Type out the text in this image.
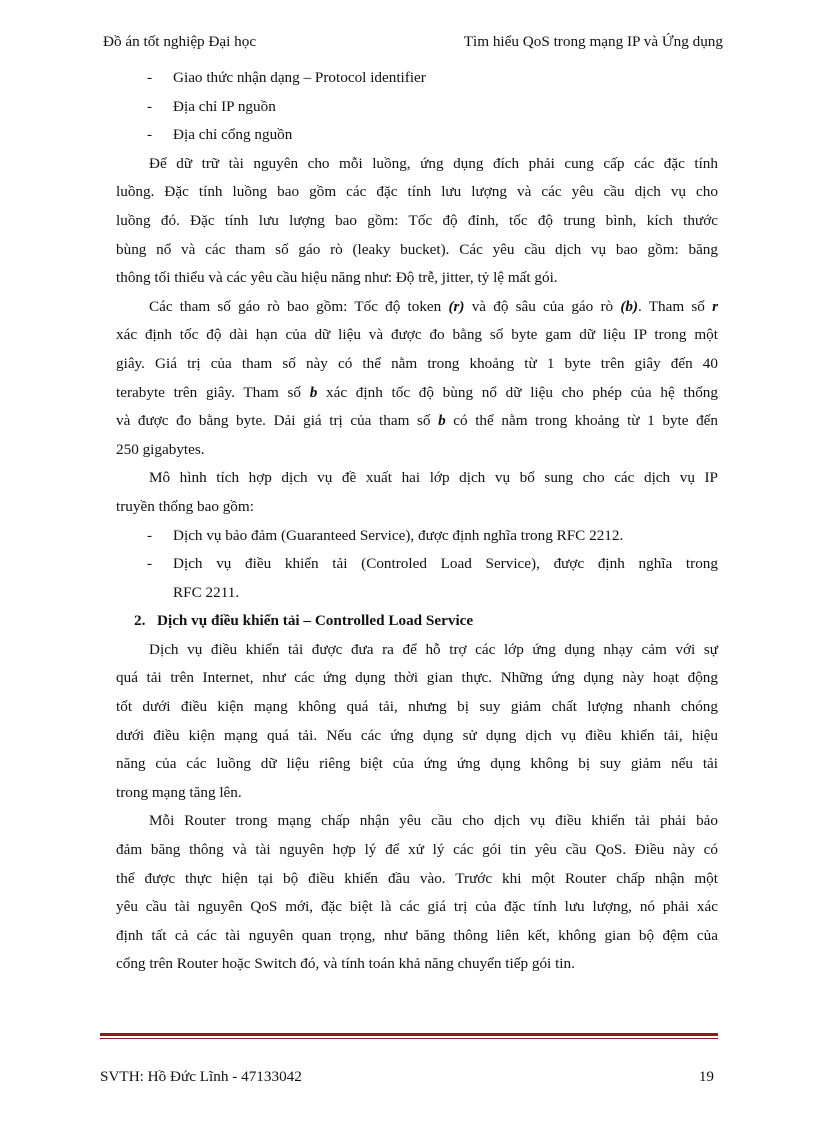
Đồ án tốt nghiệp Đại học	Tìm hiểu QoS trong mạng IP và Ứng dụng
-	Giao thức nhận dạng – Protocol identifier
-	Địa chỉ IP nguồn
-	Địa chỉ cổng nguồn
Để dữ trữ tài nguyên cho mỗi luồng, ứng dụng đích phải cung cấp các đặc tính
luồng. Đặc tính luồng bao gồm các đặc tính lưu lượng và các yêu cầu dịch vụ cho
luồng đó. Đặc tính lưu lượng bao gồm: Tốc độ đỉnh, tốc độ trung bình, kích thước
bùng nổ và các tham số gáo rò (leaky bucket). Các yêu cầu dịch vụ bao gồm: băng
thông tối thiểu và các yêu cầu hiệu năng như: Độ trễ, jitter, tỷ lệ mất gói.
Các tham số gáo rò bao gồm: Tốc độ token (r) và độ sâu của gáo rò (b). Tham số r
xác định tốc độ dài hạn của dữ liệu và được đo bằng số byte gam dữ liệu IP trong một
giây. Giá trị của tham số này có thể nằm trong khoảng từ 1 byte trên giây đến 40
terabyte trên giây. Tham số b xác định tốc độ bùng nổ dữ liệu cho phép của hệ thống
và được đo bằng byte. Dải giá trị của tham số b có thể nằm trong khoảng từ 1 byte đến
250 gigabytes.
Mô hình tích hợp dịch vụ đề xuất hai lớp dịch vụ bổ sung cho các dịch vụ IP
truyền thống bao gồm:
-	Dịch vụ bảo đảm (Guaranteed Service), được định nghĩa trong RFC 2212.
-	Dịch vụ điều khiển tải (Controled Load Service), được định nghĩa trong
RFC 2211.
2. Dịch vụ điều khiển tải – Controlled Load Service
Dịch vụ điều khiển tải được đưa ra để hỗ trợ các lớp ứng dụng nhạy cảm với sự
quá tải trên Internet, như các ứng dụng thời gian thực. Những ứng dụng này hoạt động
tốt dưới điều kiện mạng không quá tải, nhưng bị suy giảm chất lượng nhanh chóng
dưới điều kiện mạng quá tải. Nếu các ứng dụng sử dụng dịch vụ điều khiển tải, hiệu
năng của các luồng dữ liệu riêng biệt của ứng ứng dụng không bị suy giảm nếu tải
trong mạng tăng lên.
Mỗi Router trong mạng chấp nhận yêu cầu cho dịch vụ điều khiển tải phải bảo
đảm băng thông và tài nguyên hợp lý để xử lý các gói tin yêu cầu QoS. Điều này có
thể được thực hiện tại bộ điều khiển đầu vào. Trước khi một Router chấp nhận một
yêu cầu tài nguyên QoS mới, đặc biệt là các giá trị của đặc tính lưu lượng, nó phải xác
định tất cả các tài nguyên quan trọng, như băng thông liên kết, không gian bộ đệm của
cổng trên Router hoặc Switch đó, và tính toán khả năng chuyển tiếp gói tin.
SVTH: Hồ Đức Lĩnh - 47133042	19
